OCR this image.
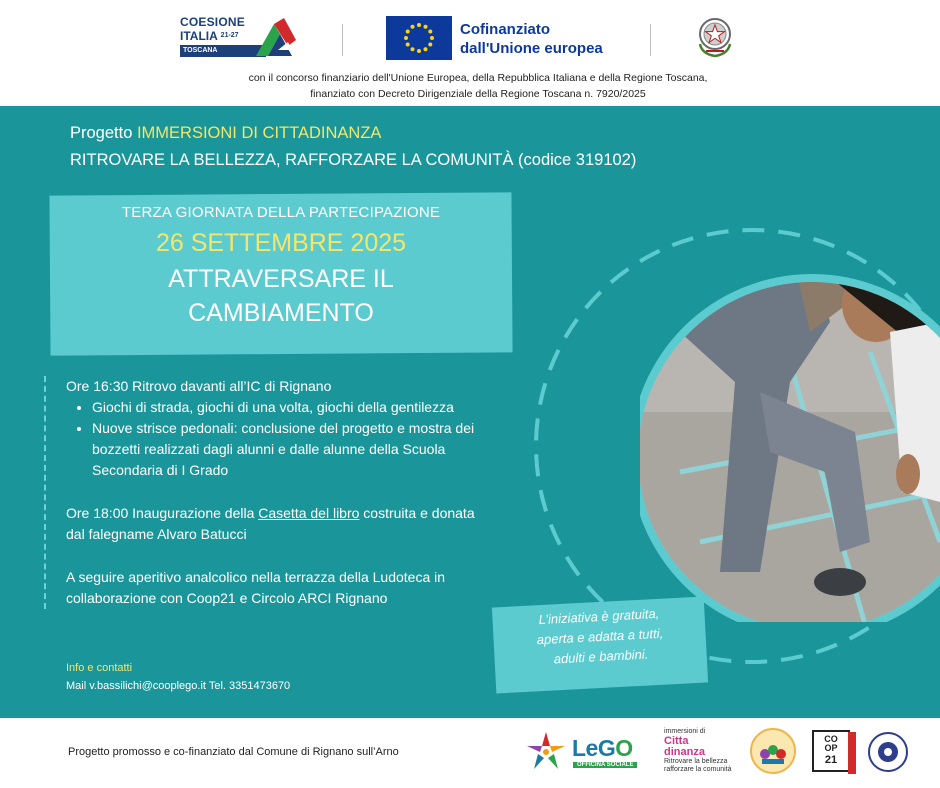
COESIONE
ITALIA $^{21-27}$
TOSCANA
Cofinanziato
dall'Unione europea
con il concorso finanziario dell'Unione Europea, della Repubblica Italiana e della Regione Toscana,
finanziato con Decreto Dirigenziale della Regione Toscana n. 7920/2025
Progetto IMMERSIONI DI CITTADINANZA
RITROVARE LA BELLEZZA, RAFFORZARE LA COMUNITÀ (codice 319102)
TERZA GIORNATA DELLA PARTECIPAZIONE
26 SETTEMBRE 2025
ATTRAVERSARE IL
CAMBIAMENTO

Ore 16:30 Ritrovo davanti all’IC di Rignano

• Giochi di strada, giochi di una volta, giochi della gentilezza
• Nuove strisce pedonali: conclusione del progetto e mostra dei bozzetti realizzati dagli alunni e dalle alunne della Scuola Secondaria di I Grado

Ore 18:00 Inaugurazione della Casetta del libro costruita e donata dal falegname Alvaro Batucci

A seguire aperitivo analcolico nella terrazza della Ludoteca in collaborazione con Coop21 e Circolo ARCI Rignano

Info e contatti
Mail v.bassilichi@cooplego.it Tel. 3351473670
L’iniziativa è gratuita,
aperta e adatta a tutti,
adulti e bambini.
Progetto promosso e co-finanziato dal Comune di Rignano sull’Arno	LeGO
OFFICINA SOCIALE
immersioni di
Citta
dinanza
Ritrovare la bellezza rafforzare la comunità
CO
OP
21
